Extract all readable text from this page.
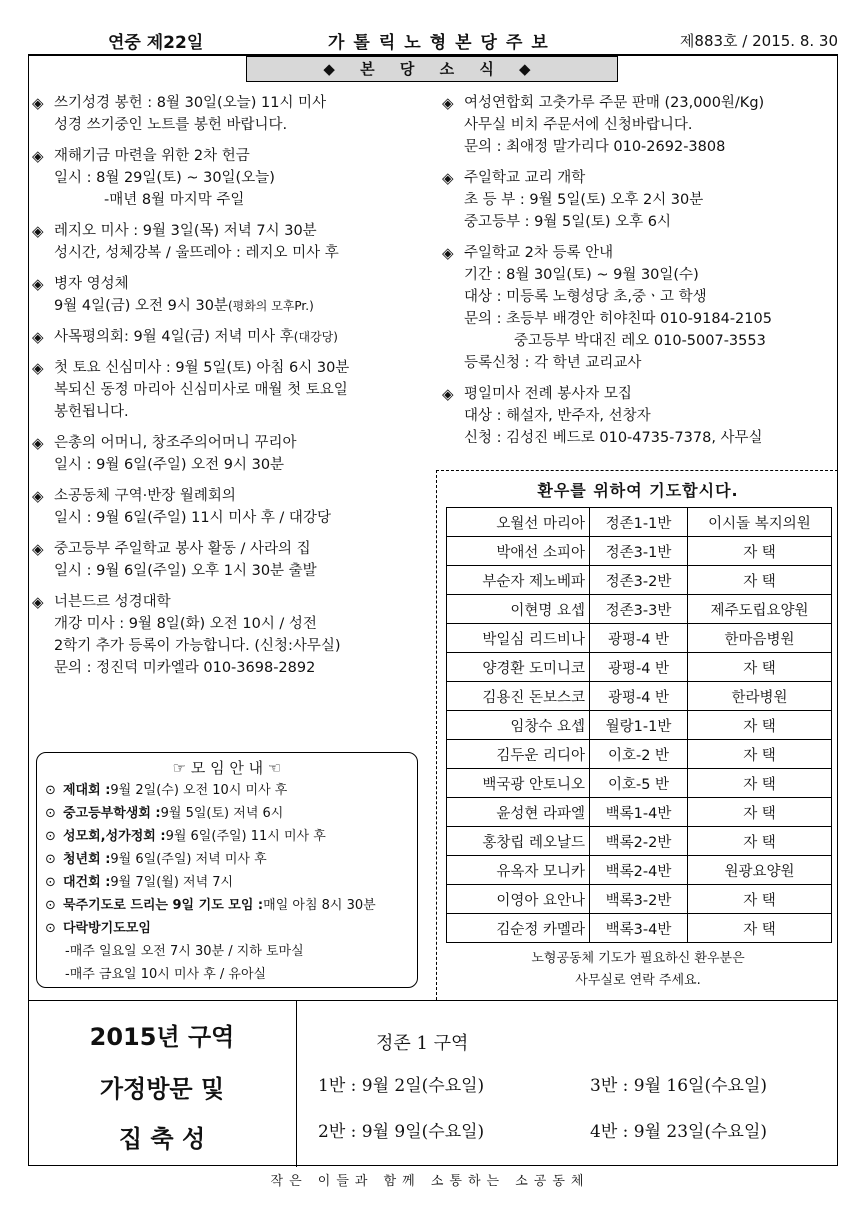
연중 제22일	가톨릭노형본당주보	제883호 / 2015. 8. 30
◆ 본 당 소 식 ◆
◈ 쓰기성경 봉헌 : 8월 30일(오늘) 11시 미사
성경 쓰기중인 노트를 봉헌 바랍니다.
◈ 재해기금 마련을 위한 2차 헌금
일시 : 8월 29일(토) ~ 30일(오늘)
-매년 8월 마지막 주일
◈ 레지오 미사 : 9월 3일(목) 저녁 7시 30분
성시간, 성체강복 / 울뜨레아 : 레지오 미사 후
◈ 병자 영성체
9월 4일(금) 오전 9시 30분(평화의 모후Pr.)
◈ 사목평의회: 9월 4일(금) 저녁 미사 후(대강당)
◈ 첫 토요 신심미사 : 9월 5일(토) 아침 6시 30분
복되신 동정 마리아 신심미사로 매월 첫 토요일
봉헌됩니다.
◈ 은총의 어머니, 창조주의어머니 꾸리아
일시 : 9월 6일(주일) 오전 9시 30분
◈ 소공동체 구역·반장 월례회의
일시 : 9월 6일(주일) 11시 미사 후 / 대강당
◈ 중고등부 주일학교 봉사 활동 / 사라의 집
일시 : 9월 6일(주일) 오후 1시 30분 출발
◈ 너븐드르 성경대학
개강 미사 : 9월 8일(화) 오전 10시 / 성전
2학기 추가 등록이 가능합니다. (신청:사무실)
문의 : 정진덕 미카엘라 010-3698-2892
◈ 여성연합회 고춧가루 주문 판매 (23,000원/Kg)
사무실 비치 주문서에 신청바랍니다.
문의 : 최애정 말가리다 010-2692-3808
◈ 주일학교 교리 개학
초 등 부 : 9월 5일(토) 오후 2시 30분
중고등부 : 9월 5일(토) 오후 6시
◈ 주일학교 2차 등록 안내
기간 : 8월 30일(토) ~ 9월 30일(수)
대상 : 미등록 노형성당 초,중ㆍ고 학생
문의 : 초등부 배경안 히야친따 010-9184-2105
중고등부 박대진 레오 010-5007-3553
등록신청 : 각 학년 교리교사
◈ 평일미사 전례 봉사자 모집
대상 : 해설자, 반주자, 선창자
신청 : 김성진 베드로 010-4735-7378, 사무실
☞ 모 임 안 내 ☜
⊙ 제대회 : 9월 2일(수) 오전 10시 미사 후
⊙ 중고등부학생회 : 9월 5일(토) 저녁 6시
⊙ 성모회,성가정회 : 9월 6일(주일) 11시 미사 후
⊙ 청년회 : 9월 6일(주일) 저녁 미사 후
⊙ 대건회 : 9월 7일(월) 저녁 7시
⊙ 묵주기도로 드리는 9일 기도 모임 : 매일 아침 8시 30분
⊙ 다락방기도모임
-매주 일요일 오전 7시 30분 / 지하 토마실
-매주 금요일 10시 미사 후 / 유아실
환우를 위하여 기도합시다.
오월선 마리아	정존1-1반	이시돌 복지의원
박애선 소피아	정존3-1반	자 택
부순자 제노베파	정존3-2반	자 택
이현명 요셉	정존3-3반	제주도립요양원
박일심 리드비나	광평-4 반	한마음병원
양경환 도미니코	광평-4 반	자 택
김용진 돈보스코	광평-4 반	한라병원
임창수 요셉	월랑1-1반	자 택
김두운 리디아	이호-2 반	자 택
백국광 안토니오	이호-5 반	자 택
윤성현 라파엘	백록1-4반	자 택
홍창립 레오날드	백록2-2반	자 택
유옥자 모니카	백록2-4반	원광요양원
이영아 요안나	백록3-2반	자 택
김순정 카멜라	백록3-4반	자 택
노형공동체 기도가 필요하신 환우분은
사무실로 연락 주세요.
2015년 구역
가정방문 및
집 축 성
정존 1 구역
1반 : 9월 2일(수요일)	3반 : 9월 16일(수요일)
2반 : 9월 9일(수요일)	4반 : 9월 23일(수요일)
작은 이들과 함께 소통하는 소공동체
